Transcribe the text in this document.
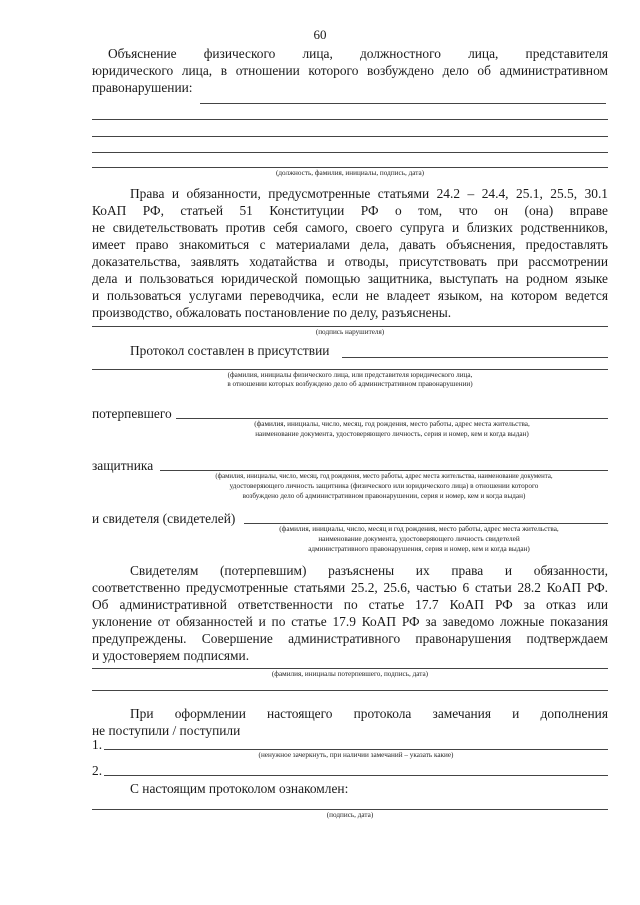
60
Объяснение физического лица, должностного лица, представителя
юридического лица, в отношении которого возбуждено дело об административном
правонарушении:
(должность, фамилия, инициалы, подпись, дата)
Права и обязанности, предусмотренные статьями 24.2 – 24.4, 25.1, 25.5, 30.1
КоАП РФ, статьей 51 Конституции РФ о том, что он (она) вправе
не свидетельствовать против себя самого, своего супруга и близких родственников,
имеет право знакомиться с материалами дела, давать объяснения, предоставлять
доказательства, заявлять ходатайства и отводы, присутствовать при рассмотрении
дела и пользоваться юридической помощью защитника, выступать на родном языке
и пользоваться услугами переводчика, если не владеет языком, на котором ведется
производство, обжаловать постановление по делу, разъяснены.
(подпись нарушителя)
Протокол составлен в присутствии
(фамилия, инициалы физического лица, или представителя юридического лица,
в отношении которых возбуждено дело об административном правонарушении)
потерпевшего
(фамилия, инициалы, число, месяц, год рождения, место работы, адрес места жительства,
наименование документа, удостоверяющего личность, серия и номер, кем и когда выдан)
защитника
(фамилия, инициалы, число, месяц, год рождения, место работы, адрес места жительства, наименование документа,
удостоверяющего личность защитника (физического или юридического лица) в отношении которого
возбуждено дело об административном правонарушении, серия и номер, кем и когда выдан)
и свидетеля (свидетелей)
(фамилия, инициалы, число, месяц и год рождения, место работы, адрес места жительства,
наименование документа, удостоверяющего личность свидетелей
административного правонарушения, серия и номер, кем и когда выдан)
Свидетелям (потерпевшим) разъяснены их права и обязанности,
соответственно предусмотренные статьями 25.2, 25.6, частью 6 статьи 28.2 КоАП РФ.
Об административной ответственности по статье 17.7 КоАП РФ за отказ или
уклонение от обязанностей и по статье 17.9 КоАП РФ за заведомо ложные показания
предупреждены. Совершение административного правонарушения подтверждаем
и удостоверяем подписями.
(фамилия, инициалы потерпевшего, подпись, дата)
При оформлении настоящего протокола замечания и дополнения
не поступили / поступили
1.
(ненужное зачеркнуть, при наличии замечаний – указать какие)
2.
С настоящим протоколом ознакомлен:
(подпись, дата)
